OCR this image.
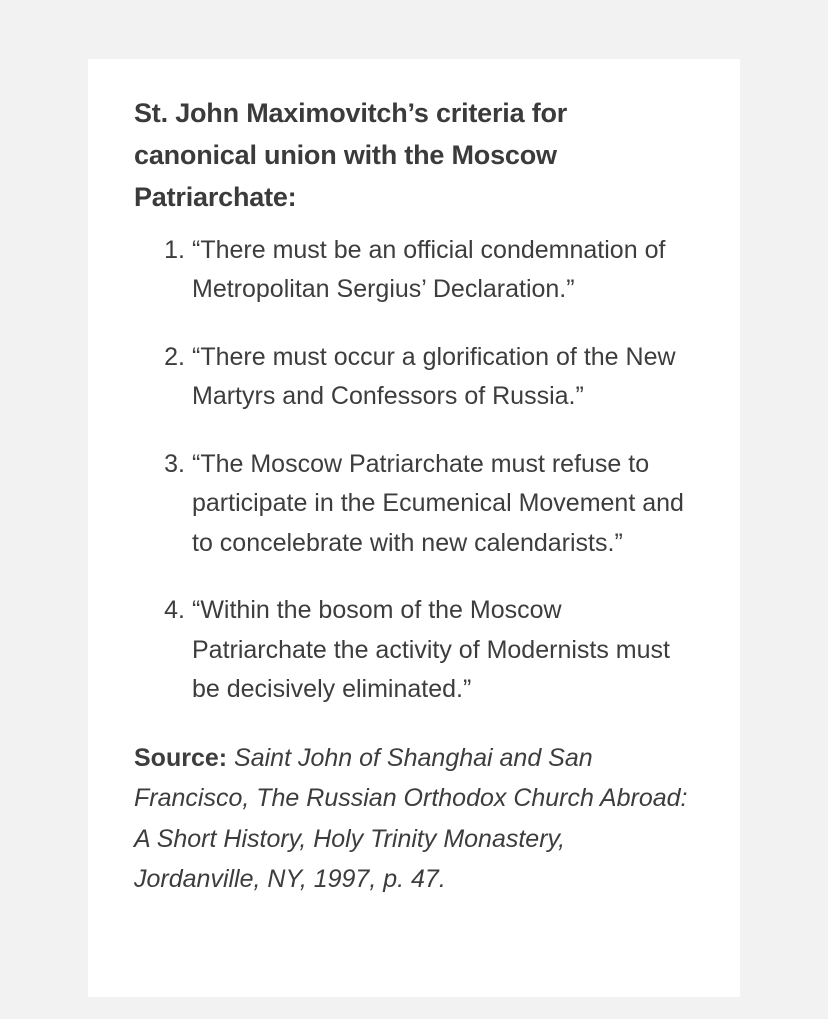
St. John Maximovitch’s criteria for canonical union with the Moscow Patriarchate:
“There must be an official condemnation of Metropolitan Sergius’ Declaration.”
“There must occur a glorification of the New Martyrs and Confessors of Russia.”
“The Moscow Patriarchate must refuse to participate in the Ecumenical Movement and to concelebrate with new calendarists.”
“Within the bosom of the Moscow Patriarchate the activity of Modernists must be decisively eliminated.”

Source: Saint John of Shanghai and San Francisco, The Russian Orthodox Church Abroad: A Short History, Holy Trinity Monastery, Jordanville, NY, 1997, p. 47.
